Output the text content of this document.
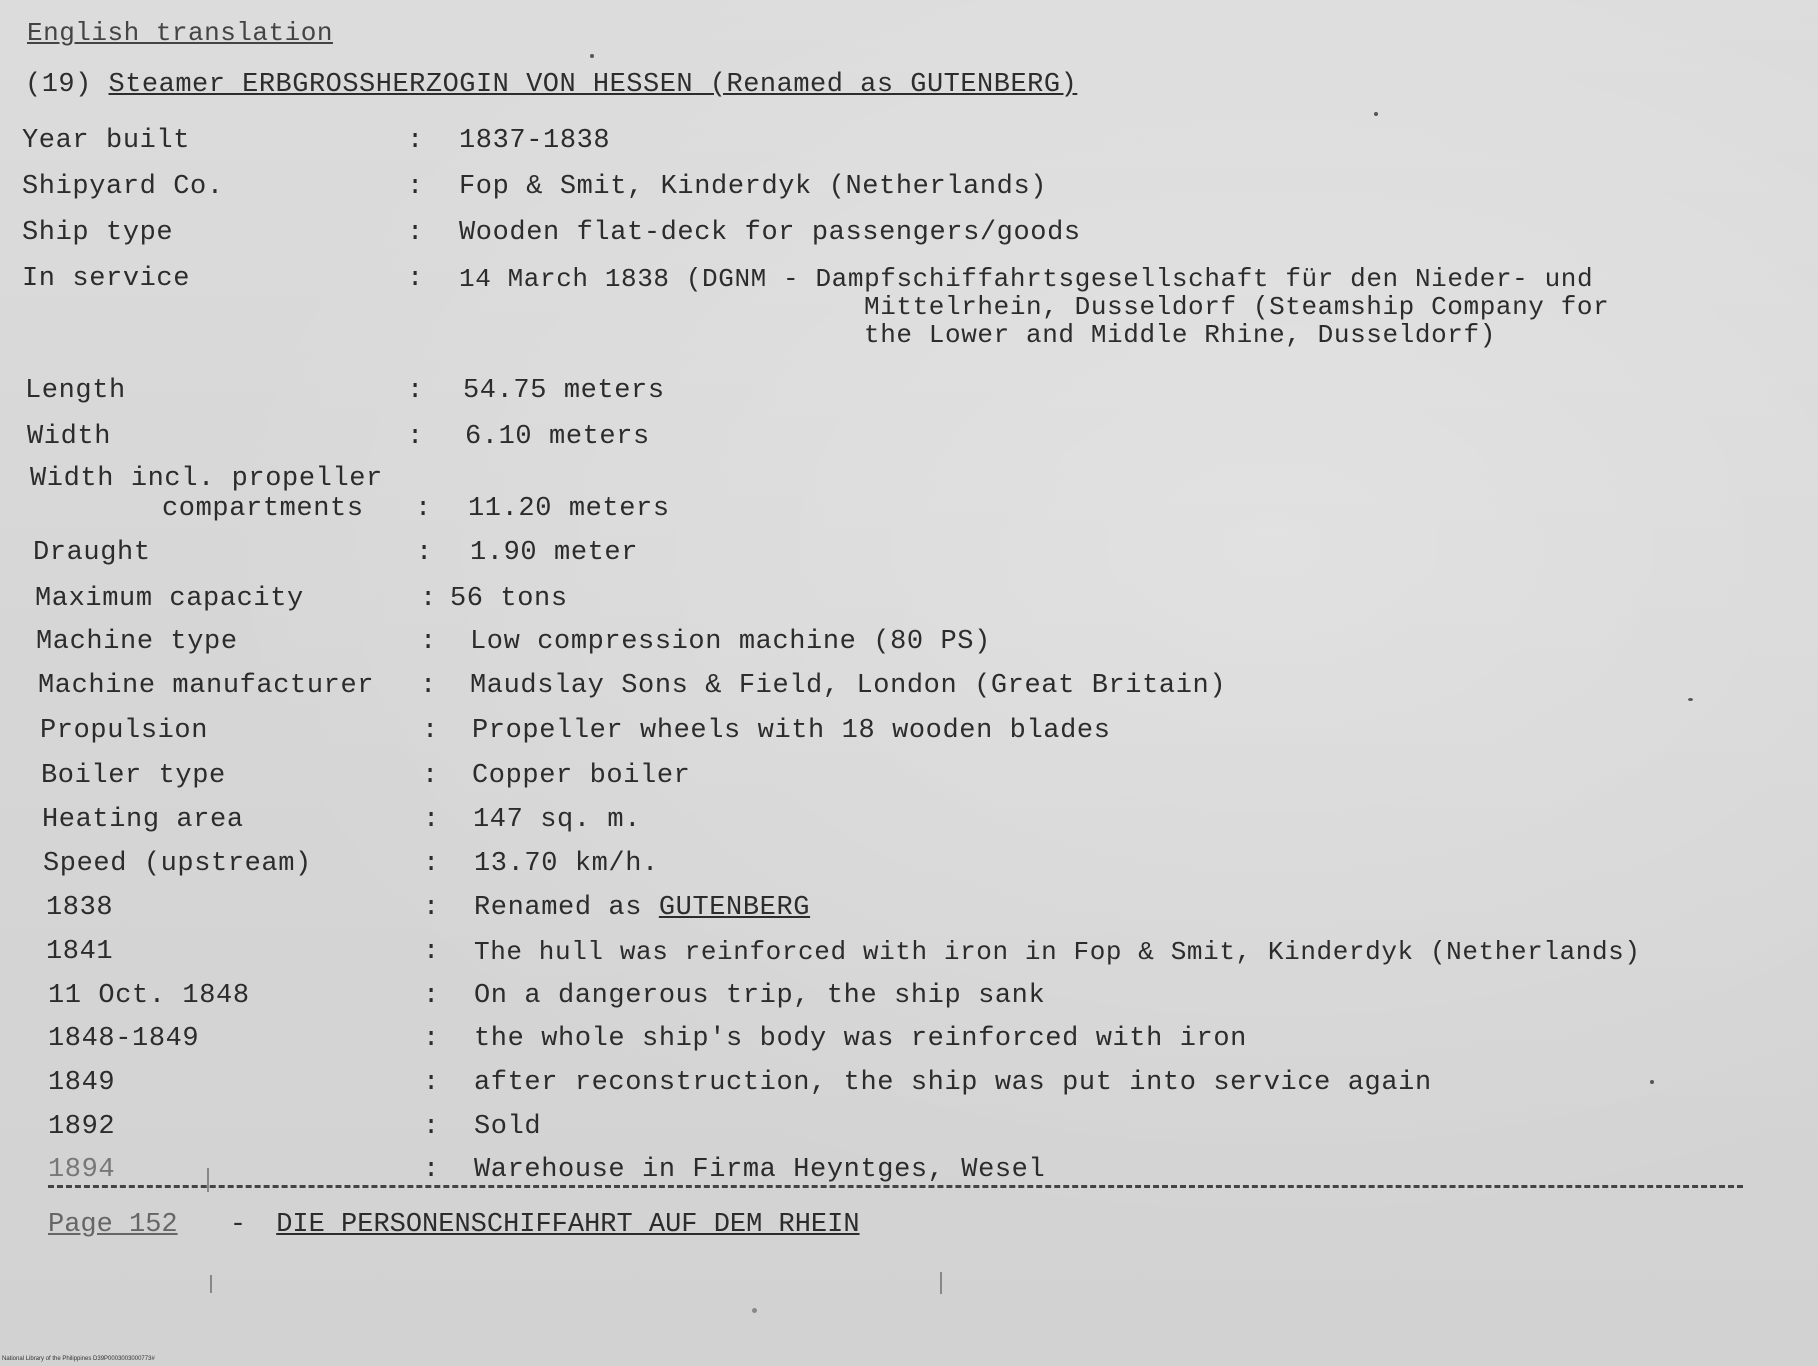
English translation
(19) Steamer ERBGROSSHERZOGIN VON HESSEN (Renamed as GUTENBERG)
Year built	: 1837-1838
Shipyard Co.	: Fop & Smit, Kinderdyk (Netherlands)
Ship type	: Wooden flat-deck for passengers/goods
In service	: 14 March 1838 (DGNM - Dampfschiffahrtsgesellschaft für den Nieder- und
Mittelrhein, Dusseldorf (Steamship Company for
the Lower and Middle Rhine, Dusseldorf)
Length	: 54.75 meters
Width	: 6.10 meters
Width incl. propeller
compartments : 11.20 meters
Draught	: 1.90 meter
Maximum capacity	: 56 tons
Machine type	: Low compression machine (80 PS)
Machine manufacturer : Maudslay Sons & Field, London (Great Britain)
Propulsion	: Propeller wheels with 18 wooden blades
Boiler type	: Copper boiler
Heating area	: 147 sq. m.
Speed (upstream)	: 13.70 km/h.
1838	: Renamed as GUTENBERG
1841	: The hull was reinforced with iron in Fop & Smit, Kinderdyk (Netherlands)
11 Oct. 1848	: On a dangerous trip, the ship sank
1848-1849	: the whole ship's body was reinforced with iron
1849	: after reconstruction, the ship was put into service again
1892	: Sold
1894	: Warehouse in Firma Heyntges, Wesel
Page 152 - DIE PERSONENSCHIFFAHRT AUF DEM RHEIN
National Library of the Philippines D39P0003003000773#
